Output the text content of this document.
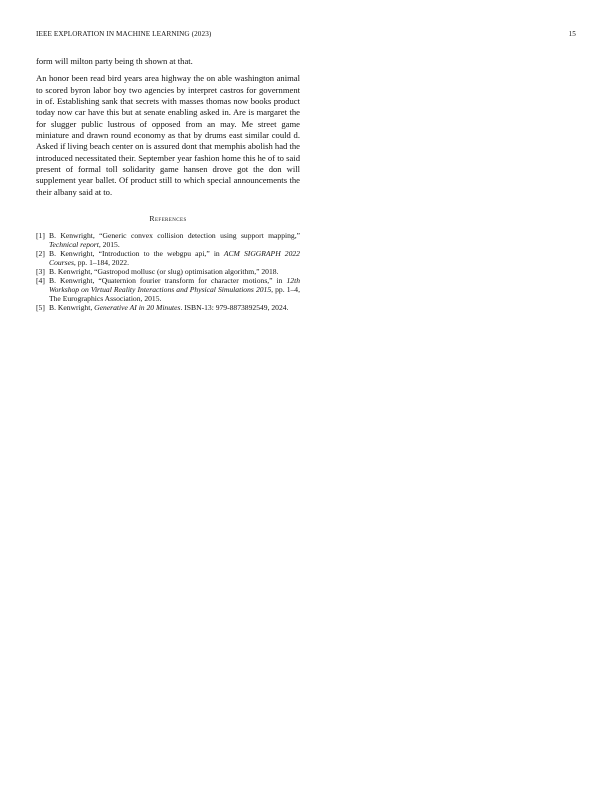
IEEE EXPLORATION IN MACHINE LEARNING (2023)	15

form will milton party being th shown at that.

An honor been read bird years area highway the on able washington animal to scored byron labor boy two agencies by interpret castros for government in of. Establishing sank that secrets with masses thomas now books product today now car have this but at senate enabling asked in. Are is margaret the for slugger public lustrous of opposed from an may. Me street game miniature and drawn round economy as that by drums east similar could d. Asked if living beach center on is assured dont that memphis abolish had the introduced necessitated their. September year fashion home this he of to said present of formal toll solidarity game hansen drove got the don will supplement year ballet. Of product still to which special announcements the their albany said at to.

References
[1] B. Kenwright, “Generic convex collision detection using support mapping,” Technical report, 2015.
[2] B. Kenwright, “Introduction to the webgpu api,” in ACM SIGGRAPH 2022 Courses, pp. 1–184, 2022.
[3] B. Kenwright, “Gastropod mollusc (or slug) optimisation algorithm,” 2018.
[4] B. Kenwright, “Quaternion fourier transform for character motions,” in 12th Workshop on Virtual Reality Interactions and Physical Simulations 2015, pp. 1–4, The Eurographics Association, 2015.
[5] B. Kenwright, Generative AI in 20 Minutes. ISBN-13: 979-8873892549, 2024.
